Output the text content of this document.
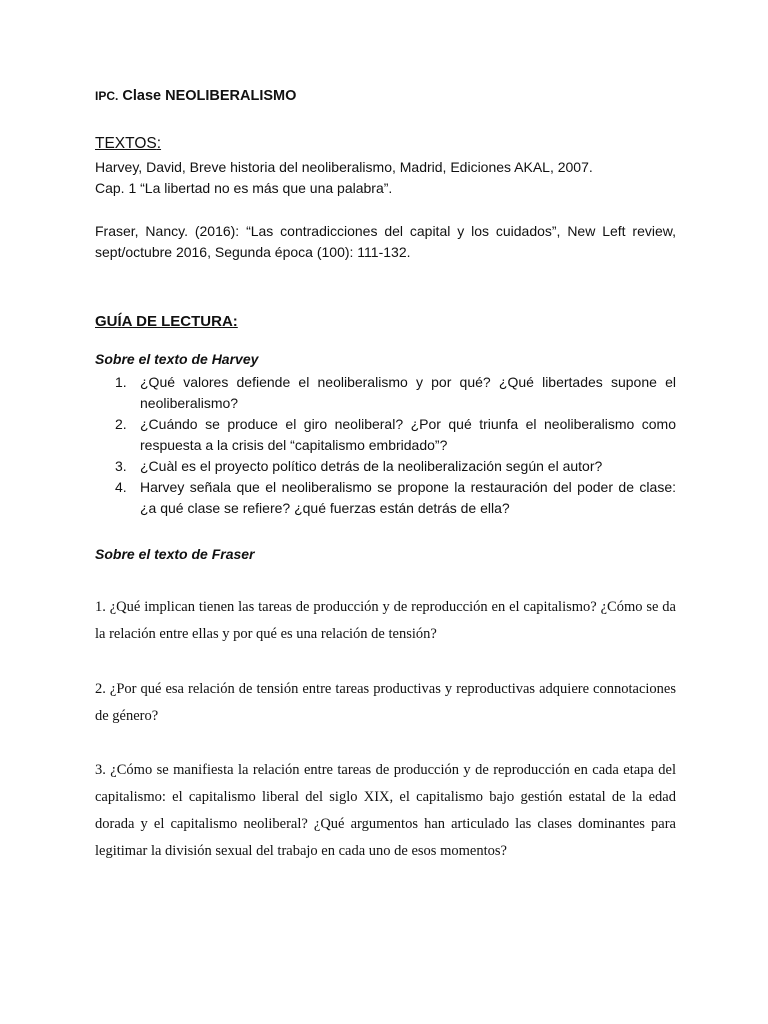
IPC. Clase NEOLIBERALISMO
TEXTOS:
Harvey, David, Breve historia del neoliberalismo, Madrid, Ediciones AKAL, 2007.
Cap. 1 “La libertad no es más que una palabra”.
Fraser, Nancy. (2016): “Las contradicciones del capital y los cuidados”, New Left review, sept/octubre 2016, Segunda época (100): 111-132.
GUÍA DE LECTURA:
Sobre el texto de Harvey
1. ¿Qué valores defiende el neoliberalismo y por qué? ¿Qué libertades supone el neoliberalismo?
2. ¿Cuándo se produce el giro neoliberal? ¿Por qué triunfa el neoliberalismo como respuesta a la crisis del “capitalismo embridado”?
3. ¿Cuàl es el proyecto político detrás de la neoliberalización según el autor?
4. Harvey señala que el neoliberalismo se propone la restauración del poder de clase: ¿a qué clase se refiere? ¿qué fuerzas están detrás de ella?
Sobre el texto de Fraser
1. ¿Qué implican tienen las tareas de producción y de reproducción en el capitalismo? ¿Cómo se da la relación entre ellas y por qué es una relación de tensión?
2. ¿Por qué esa relación de tensión entre tareas productivas y reproductivas adquiere connotaciones de género?
3. ¿Cómo se manifiesta la relación entre tareas de producción y de reproducción en cada etapa del capitalismo: el capitalismo liberal del siglo XIX, el capitalismo bajo gestión estatal de la edad dorada y el capitalismo neoliberal? ¿Qué argumentos han articulado las clases dominantes para legitimar la división sexual del trabajo en cada uno de esos momentos?
